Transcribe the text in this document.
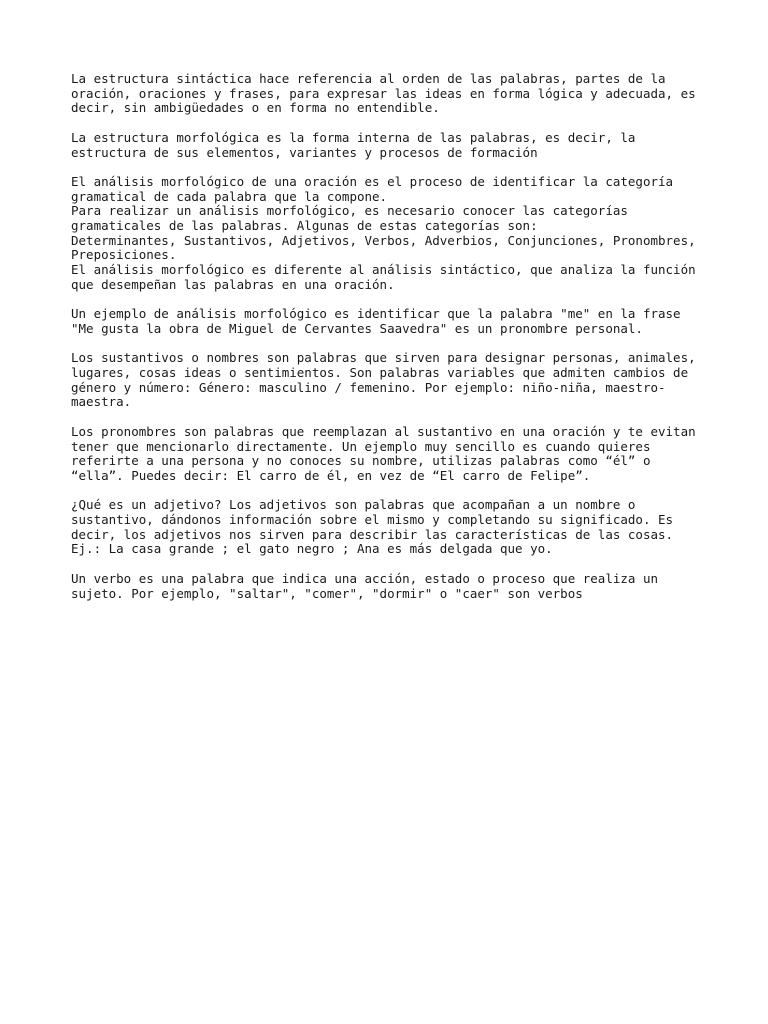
La estructura sintáctica hace referencia al orden de las palabras, partes de la
oración, oraciones y frases, para expresar las ideas en forma lógica y adecuada, es
decir, sin ambigüedades o en forma no entendible.
La estructura morfológica es la forma interna de las palabras, es decir, la
estructura de sus elementos, variantes y procesos de formación
El análisis morfológico de una oración es el proceso de identificar la categoría
gramatical de cada palabra que la compone.
Para realizar un análisis morfológico, es necesario conocer las categorías
gramaticales de las palabras. Algunas de estas categorías son:
Determinantes, Sustantivos, Adjetivos, Verbos, Adverbios, Conjunciones, Pronombres,
Preposiciones.
El análisis morfológico es diferente al análisis sintáctico, que analiza la función
que desempeñan las palabras en una oración.
Un ejemplo de análisis morfológico es identificar que la palabra "me" en la frase
"Me gusta la obra de Miguel de Cervantes Saavedra" es un pronombre personal.
Los sustantivos o nombres son palabras que sirven para designar personas, animales,
lugares, cosas ideas o sentimientos. Son palabras variables que admiten cambios de
género y número: Género: masculino / femenino. Por ejemplo: niño-niña, maestro-
maestra.
Los pronombres son palabras que reemplazan al sustantivo en una oración y te evitan
tener que mencionarlo directamente. Un ejemplo muy sencillo es cuando quieres
referirte a una persona y no conoces su nombre, utilizas palabras como “él” o
“ella”. Puedes decir: El carro de él, en vez de “El carro de Felipe”.
¿Qué es un adjetivo? Los adjetivos son palabras que acompañan a un nombre o
sustantivo, dándonos información sobre el mismo y completando su significado. Es
decir, los adjetivos nos sirven para describir las características de las cosas.
Ej.: La casa grande ; el gato negro ; Ana es más delgada que yo.
Un verbo es una palabra que indica una acción, estado o proceso que realiza un
sujeto. Por ejemplo, "saltar", "comer", "dormir" o "caer" son verbos
